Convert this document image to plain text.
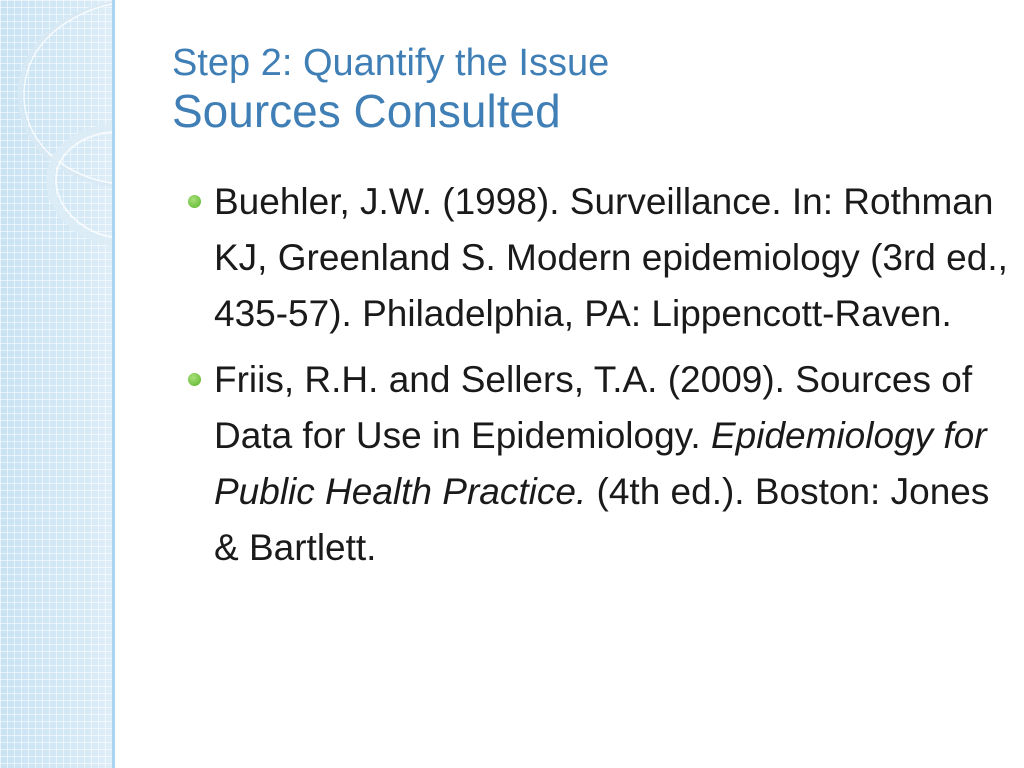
Step 2: Quantify the Issue
Sources Consulted
Buehler, J.W. (1998). Surveillance. In: Rothman KJ, Greenland S. Modern epidemiology (3rd ed., 435-57). Philadelphia, PA: Lippencott-Raven.
Friis, R.H. and Sellers, T.A. (2009). Sources of Data for Use in Epidemiology. Epidemiology for Public Health Practice. (4th ed.). Boston: Jones & Bartlett.
